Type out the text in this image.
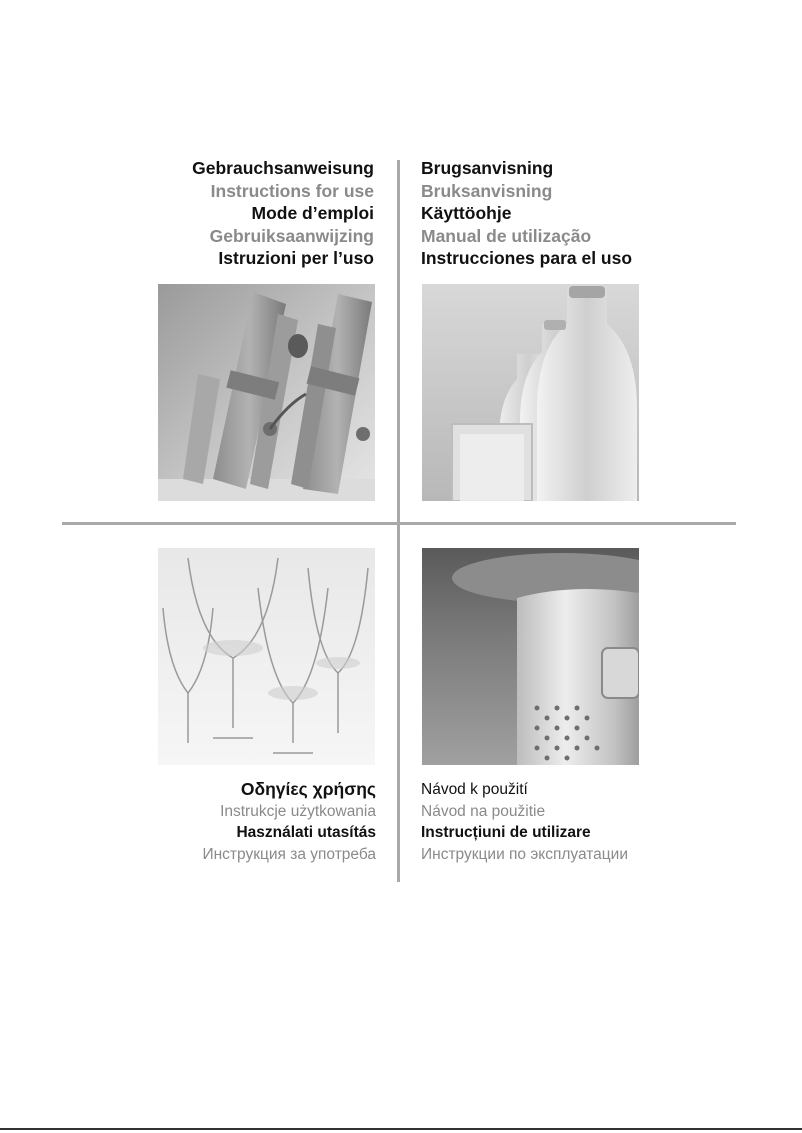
Gebrauchsanweisung
Instructions for use
Mode d’emploi
Gebruiksaanwijzing
Istruzioni per l’uso
Brugsanvisning
Bruksanvisning
Käyttöohje
Manual de utilização
Instrucciones para el uso
Οδηγίες χρήσης
Instrukcje użytkowania
Használati utasítás
Инструкция за употреба
Návod k použití
Návod na použitie
Instrucțiuni de utilizare
Инструкции по эксплуатации
